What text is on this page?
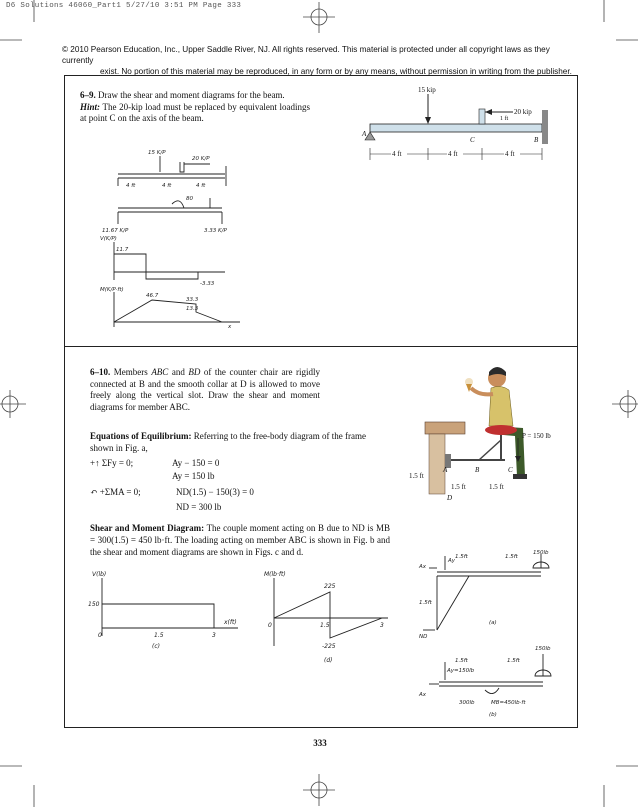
D6 Solutions 46060_Part1 5/27/10 3:51 PM Page 333
© 2010 Pearson Education, Inc., Upper Saddle River, NJ. All rights reserved. This material is protected under all copyright laws as they currently
exist. No portion of this material may be reproduced, in any form or by any means, without permission in writing from the publisher.
6–9. Draw the shear and moment diagrams for the beam.
Hint: The 20-kip load must be replaced by equivalent loadings at point C on the axis of the beam.
15 kip
20 kip
1 ft
A
B
C
4 ft	4 ft	4 ft
15 K/P
20 K/P
4 ft	4 ft	4 ft
80
11.67 K/P	3.33 K/P
V(K/P)
11.7
-3.33
M(K/P·ft)
46.7
33.3
13.3
x
6–10. Members ABC and BD of the counter chair are rigidly connected at B and the smooth collar at D is allowed to move freely along the vertical slot. Draw the shear and moment diagrams for member ABC.
P = 150 lb
1.5 ft
1.5 ft	1.5 ft
A	B	C
D
Equations of Equilibrium: Referring to the free-body diagram of the frame shown in Fig. a,
+↑ ΣFy = 0;	Ay − 150 = 0
Ay = 150 lb
↶ +ΣMA = 0;	ND(1.5) − 150(3) = 0
ND = 300 lb
Shear and Moment Diagram: The couple moment acting on B due to ND is MB = 300(1.5) = 450 lb·ft. The loading acting on member ABC is shown in Fig. b and the shear and moment diagrams are shown in Figs. c and d.
V(lb)
150
x(ft)
0	1.5	3
(c)
M(lb·ft)
225
-225
0	1.5	3
(d)
150lb
1.5ft	1.5ft
1.5ft
Ax
Ay
ND
(a)
150lb
1.5ft	1.5ft
Ay=150lb
Ax
300lb	MB=450lb·ft
(b)
333
